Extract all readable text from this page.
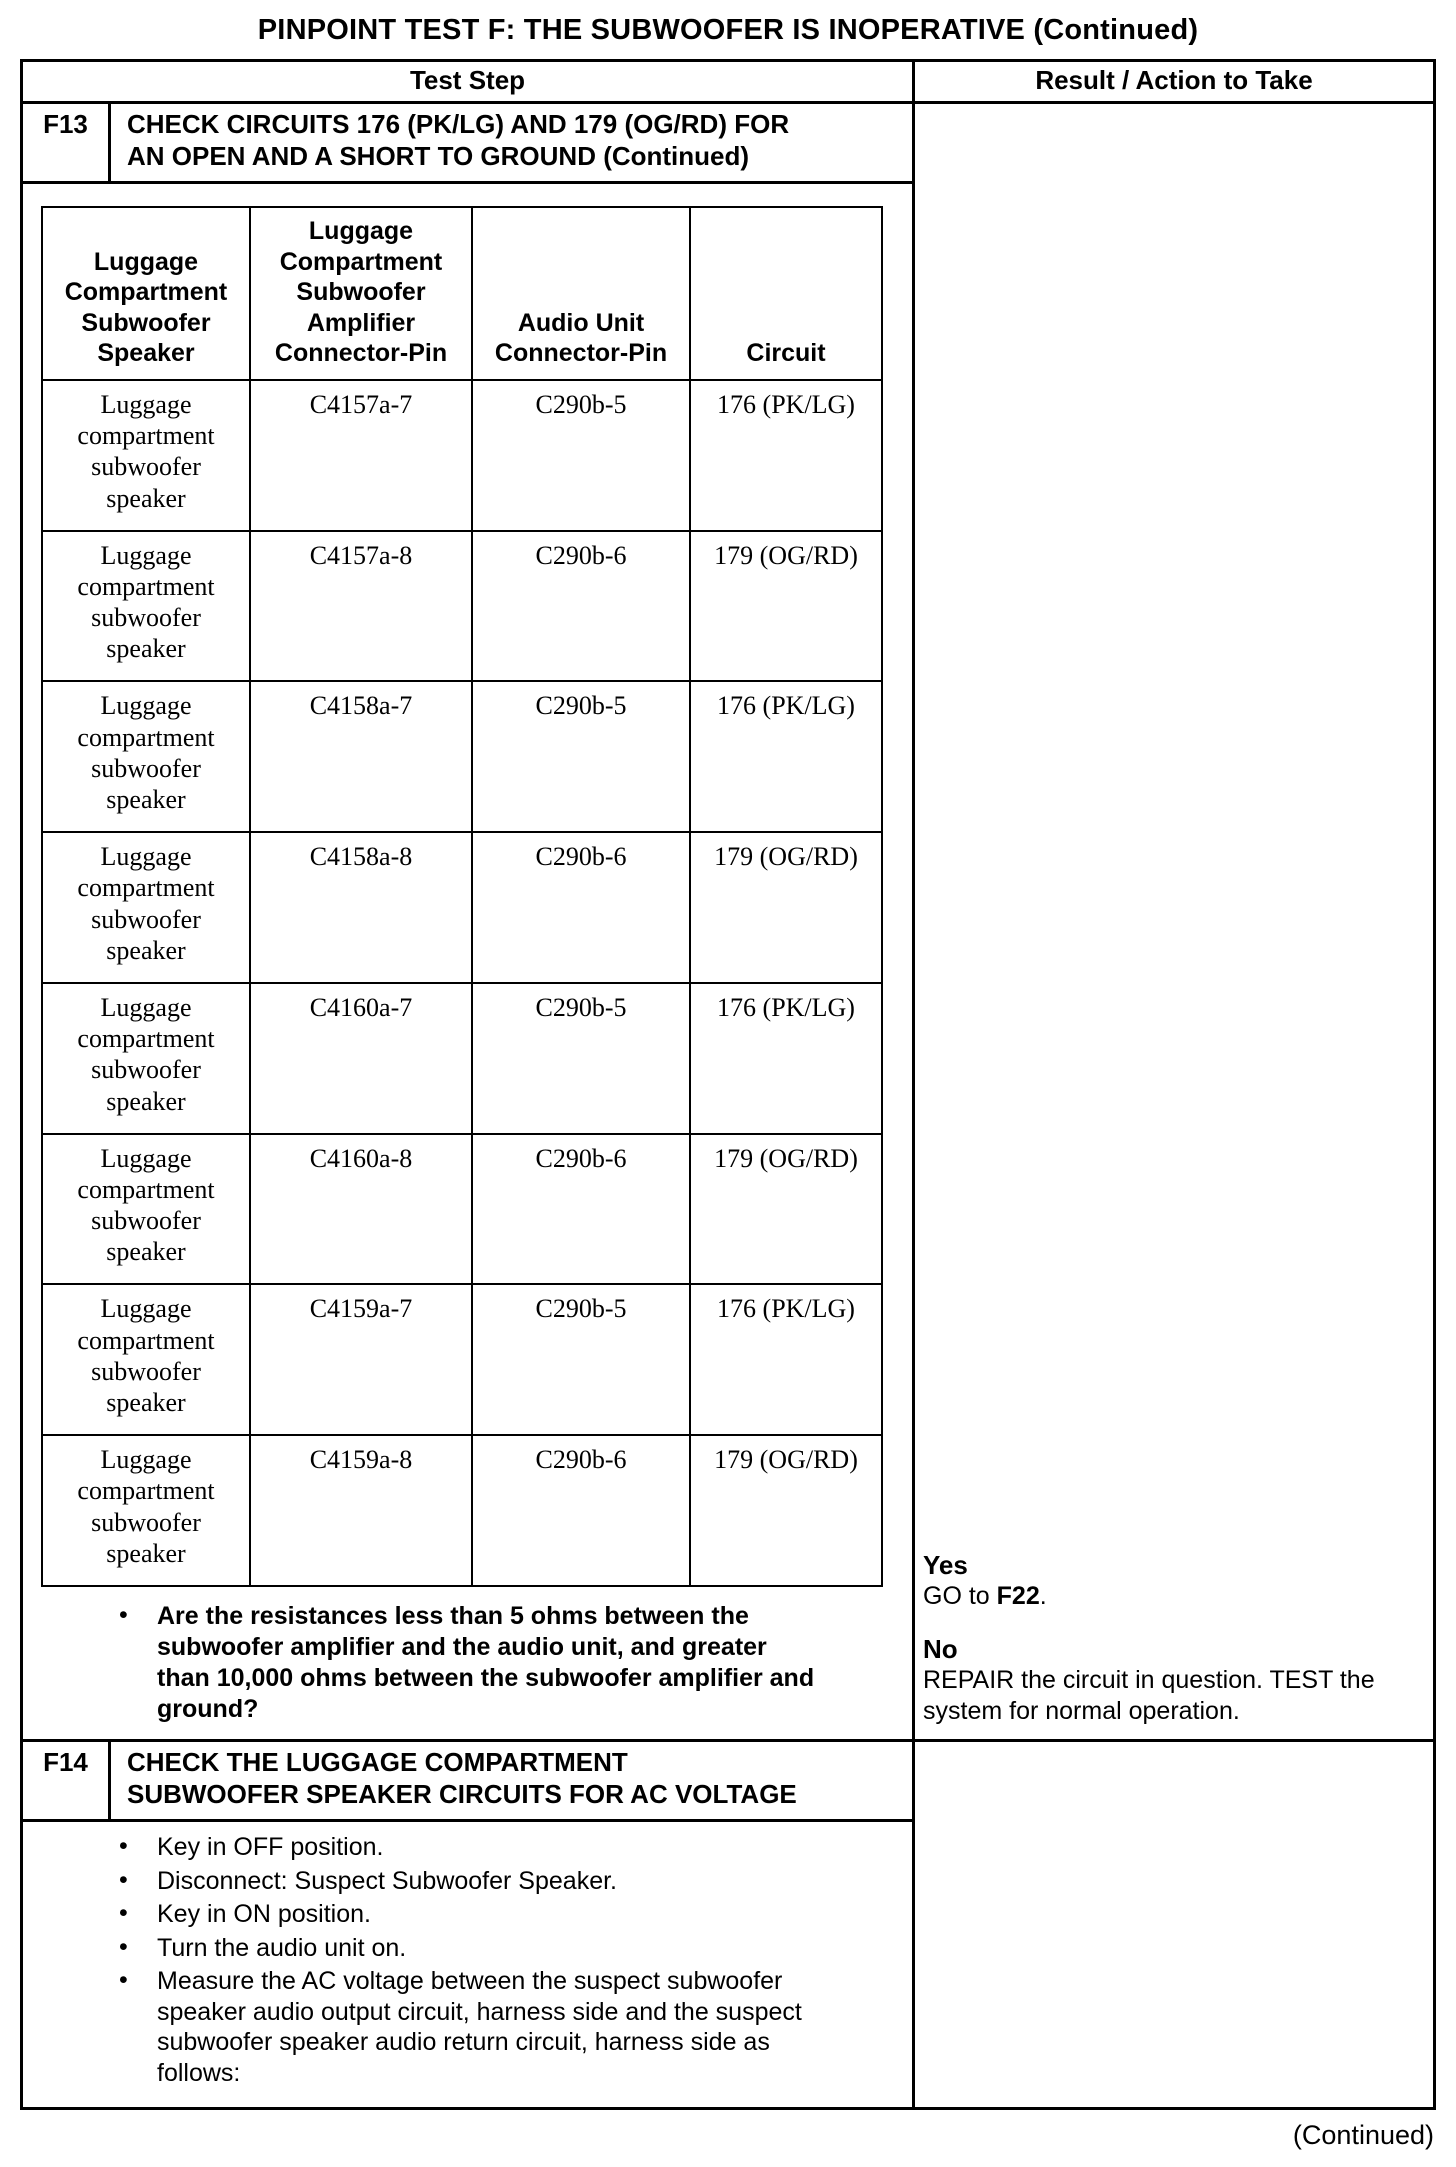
PINPOINT TEST F: THE SUBWOOFER IS INOPERATIVE (Continued)
Test Step	Result / Action to Take
F13	CHECK CIRCUITS 176 (PK/LG) AND 179 (OG/RD) FOR AN OPEN AND A SHORT TO GROUND (Continued)
Luggage Compartment Subwoofer Speaker	Luggage Compartment Subwoofer Amplifier Connector-Pin	Audio Unit Connector-Pin	Circuit
Luggage compartment subwoofer speaker	C4157a-7	C290b-5	176 (PK/LG)
Luggage compartment subwoofer speaker	C4157a-8	C290b-6	179 (OG/RD)
Luggage compartment subwoofer speaker	C4158a-7	C290b-5	176 (PK/LG)
Luggage compartment subwoofer speaker	C4158a-8	C290b-6	179 (OG/RD)
Luggage compartment subwoofer speaker	C4160a-7	C290b-5	176 (PK/LG)
Luggage compartment subwoofer speaker	C4160a-8	C290b-6	179 (OG/RD)
Luggage compartment subwoofer speaker	C4159a-7	C290b-5	176 (PK/LG)
Luggage compartment subwoofer speaker	C4159a-8	C290b-6	179 (OG/RD)
•
Are the resistances less than 5 ohms between the subwoofer amplifier and the audio unit, and greater than 10,000 ohms between the subwoofer amplifier and ground?
Yes
GO to F22.
No
REPAIR the circuit in question. TEST the system for normal operation.
F14	CHECK THE LUGGAGE COMPARTMENT SUBWOOFER SPEAKER CIRCUITS FOR AC VOLTAGE
•
Key in OFF position.
•
Disconnect: Suspect Subwoofer Speaker.
•
Key in ON position.
•
Turn the audio unit on.
•
Measure the AC voltage between the suspect subwoofer speaker audio output circuit, harness side and the suspect subwoofer speaker audio return circuit, harness side as follows:
(Continued)
